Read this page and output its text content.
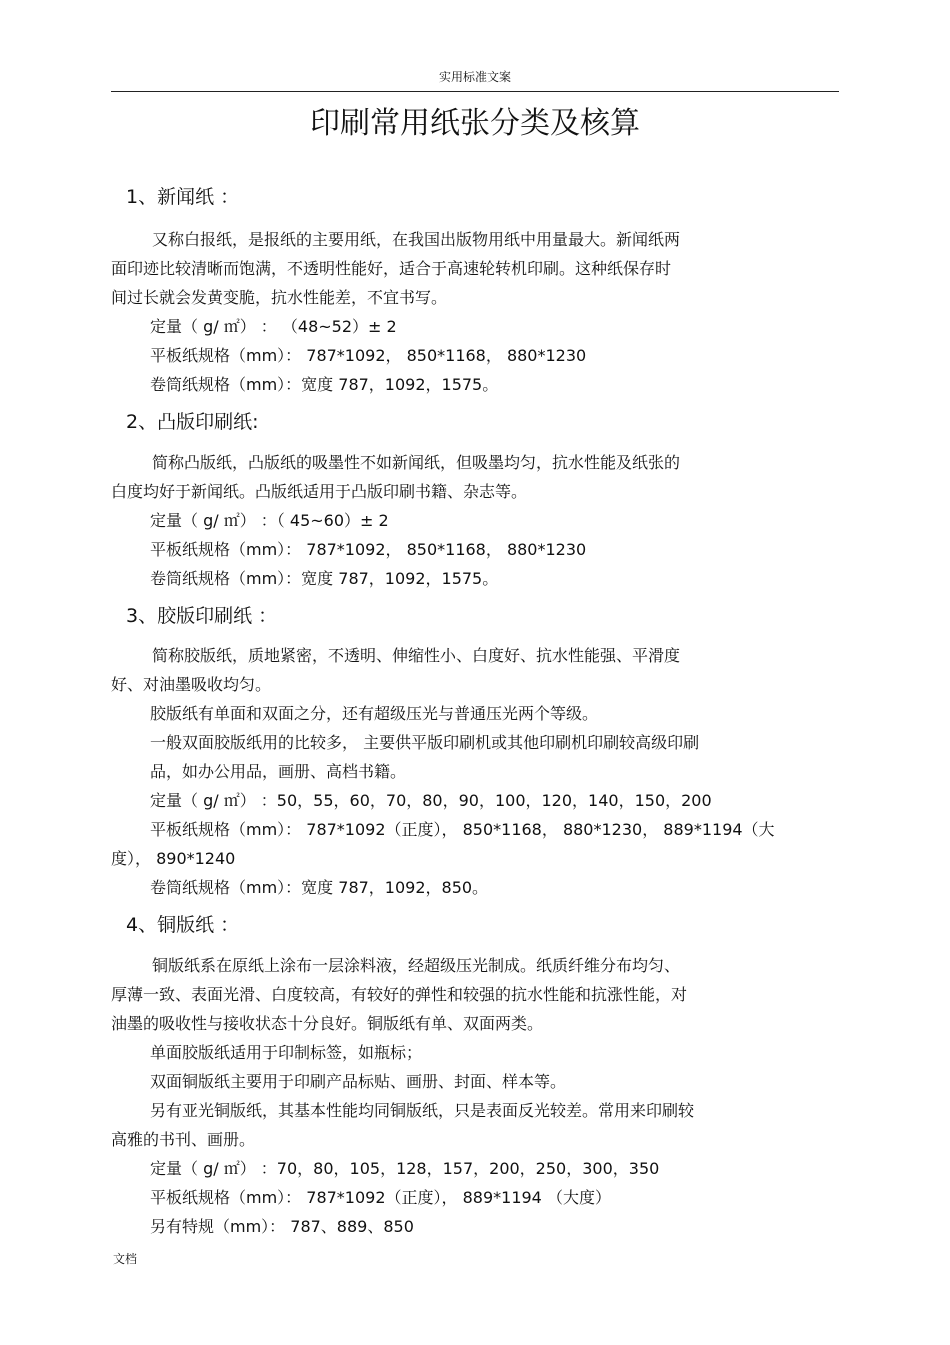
实用标准文案
印刷常用纸张分类及核算
1、新闻纸 ：
又称白报纸，是报纸的主要用纸，在我国出版物用纸中用量最大。新闻纸两
面印迹比较清晰而饱满，不透明性能好，适合于高速轮转机印刷。这种纸保存时
间过长就会发黄变脆，抗水性能差，不宜书写。
定量（ g/ ㎡） ： （48~52）± 2
平板纸规格（mm）： 787*1092， 850*1168， 880*1230
卷筒纸规格（mm）：宽度 787，1092，1575。
2、凸版印刷纸:
简称凸版纸，凸版纸的吸墨性不如新闻纸，但吸墨均匀，抗水性能及纸张的
白度均好于新闻纸。凸版纸适用于凸版印刷书籍、杂志等。
定量（ g/ ㎡） ：（ 45~60）± 2
平板纸规格（mm）： 787*1092， 850*1168， 880*1230
卷筒纸规格（mm）：宽度 787，1092，1575。
3、胶版印刷纸 ：
简称胶版纸，质地紧密，不透明、伸缩性小、白度好、抗水性能强、平滑度
好、对油墨吸收均匀。
胶版纸有单面和双面之分，还有超级压光与普通压光两个等级。
一般双面胶版纸用的比较多， 主要供平版印刷机或其他印刷机印刷较高级印刷
品，如办公用品，画册、高档书籍。
定量（ g/ ㎡） ：50，55，60，70，80，90，100，120，140，150，200
平板纸规格（mm）： 787*1092（正度）， 850*1168， 880*1230， 889*1194（大
度）， 890*1240
卷筒纸规格（mm）：宽度 787，1092，850。
4、铜版纸 ：
铜版纸系在原纸上涂布一层涂料液，经超级压光制成。纸质纤维分布均匀、
厚薄一致、表面光滑、白度较高，有较好的弹性和较强的抗水性能和抗涨性能，对
油墨的吸收性与接收状态十分良好。铜版纸有单、双面两类。
单面胶版纸适用于印制标签，如瓶标；
双面铜版纸主要用于印刷产品标贴、画册、封面、样本等。
另有亚光铜版纸，其基本性能均同铜版纸，只是表面反光较差。常用来印刷较
高雅的书刊、画册。
定量（ g/ ㎡） ：70，80，105，128，157，200，250，300，350
平板纸规格（mm）： 787*1092（正度）， 889*1194 （大度）
另有特规（mm）： 787、889、850
文档
